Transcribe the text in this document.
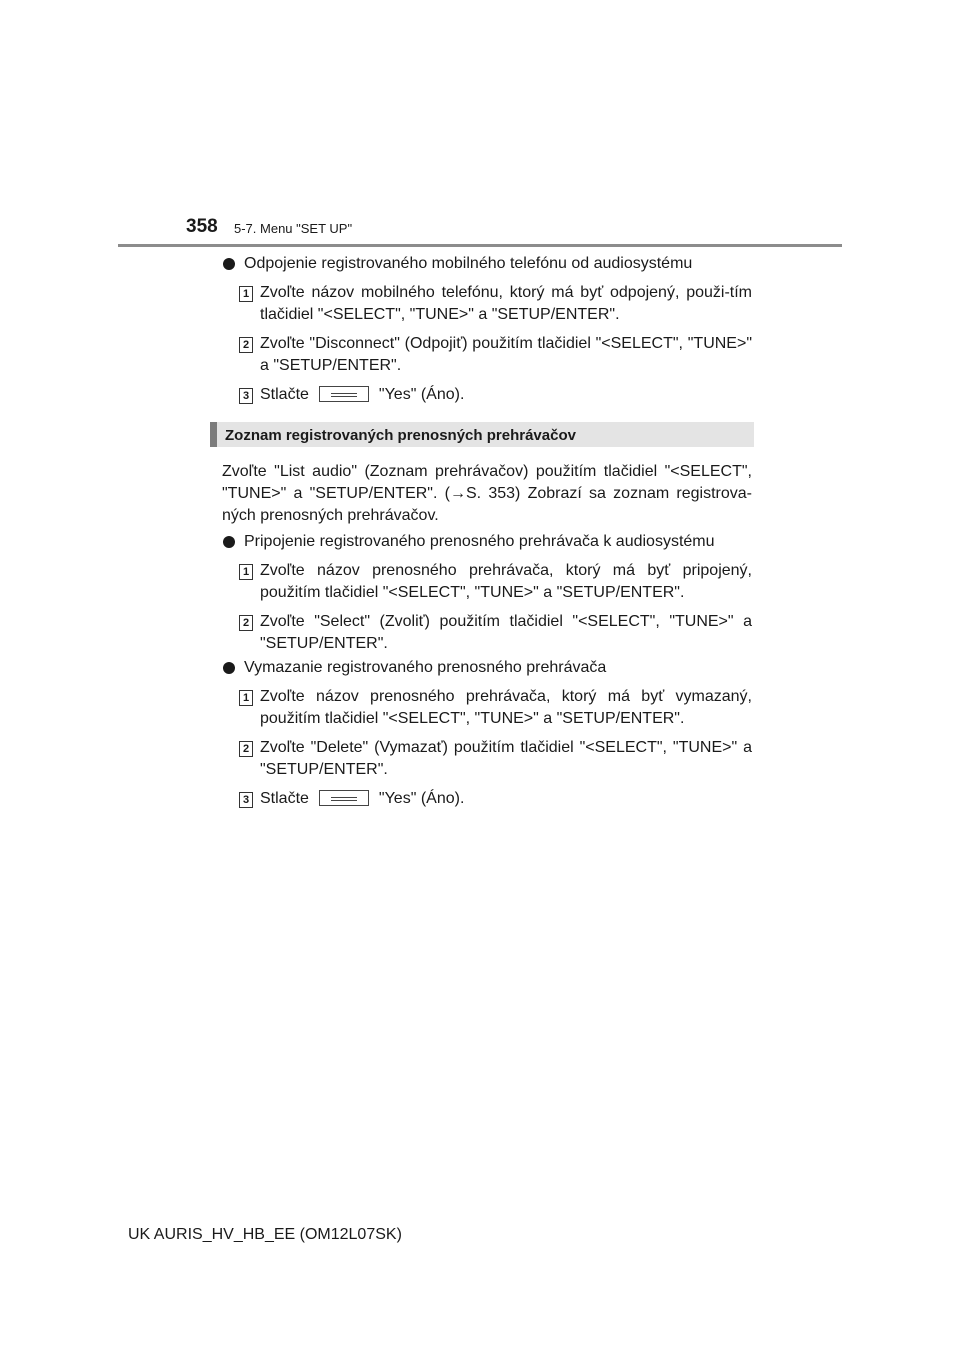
358 5-7. Menu "SET UP"
Odpojenie registrovaného mobilného telefónu od audiosystému
1 Zvoľte názov mobilného telefónu, ktorý má byť odpojený, použi-tím tlačidiel "<SELECT", "TUNE>" a "SETUP/ENTER".
2 Zvoľte "Disconnect" (Odpojiť) použitím tlačidiel "<SELECT", "TUNE>" a "SETUP/ENTER".
3 Stlačte	"Yes" (Áno).
Zoznam registrovaných prenosných prehrávačov
Zvoľte "List audio" (Zoznam prehrávačov) použitím tlačidiel "<SELECT", "TUNE>" a "SETUP/ENTER". (→S. 353) Zobrazí sa zoznam registrova-ných prenosných prehrávačov.
Pripojenie registrovaného prenosného prehrávača k audiosystému
1 Zvoľte názov prenosného prehrávača, ktorý má byť pripojený, použitím tlačidiel "<SELECT", "TUNE>" a "SETUP/ENTER".
2 Zvoľte "Select" (Zvoliť) použitím tlačidiel "<SELECT", "TUNE>" a "SETUP/ENTER".
Vymazanie registrovaného prenosného prehrávača
1 Zvoľte názov prenosného prehrávača, ktorý má byť vymazaný, použitím tlačidiel "<SELECT", "TUNE>" a "SETUP/ENTER".
2 Zvoľte "Delete" (Vymazať) použitím tlačidiel "<SELECT", "TUNE>" a "SETUP/ENTER".
3 Stlačte	"Yes" (Áno).
UK AURIS_HV_HB_EE (OM12L07SK)
